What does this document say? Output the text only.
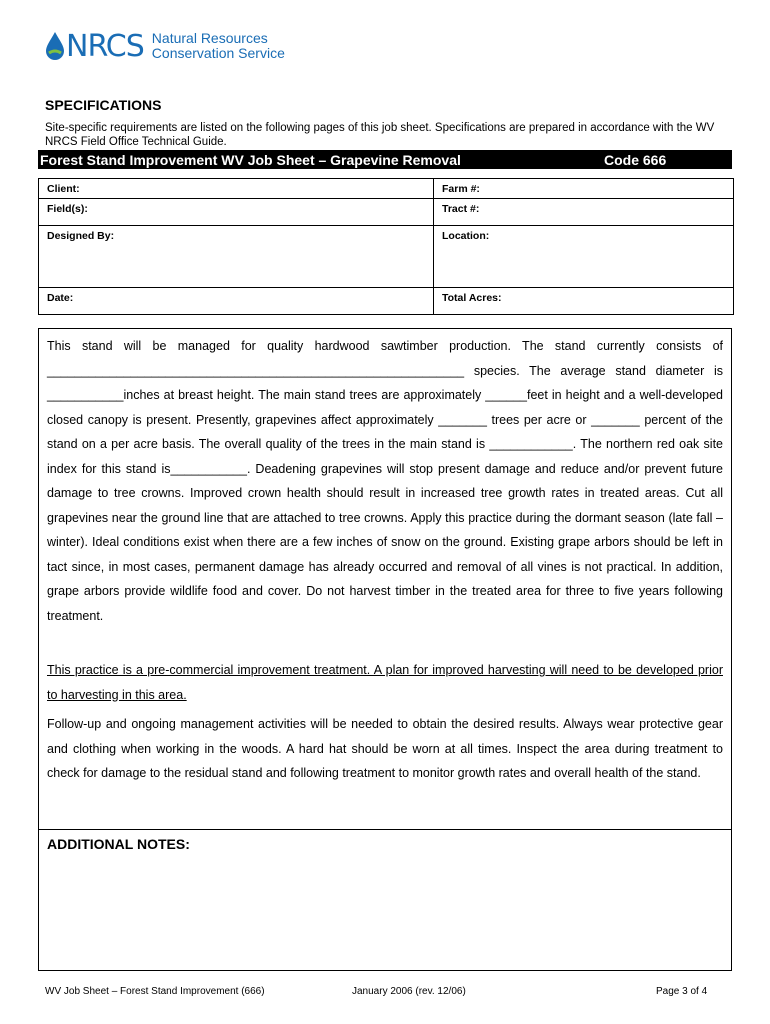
NRCS Natural Resources
Conservation Service
SPECIFICATIONS
Site-specific requirements are listed on the following pages of this job sheet. Specifications are prepared in accordance with the WV NRCS Field Office Technical Guide.
Forest Stand Improvement WV Job Sheet – Grapevine Removal	Code 666
Client:	Farm #:
Field(s):	Tract #:
Designed By:	Location:
Date:	Total Acres:
This stand will be managed for quality hardwood sawtimber production. The stand currently consists of ____________________________________________________________ species. The average stand diameter is ___________inches at breast height. The main stand trees are approximately ______feet in height and a well-developed closed canopy is present. Presently, grapevines affect approximately _______ trees per acre or _______ percent of the stand on a per acre basis. The overall quality of the trees in the main stand is ____________. The northern red oak site index for this stand is___________. Deadening grapevines will stop present damage and reduce and/or prevent future damage to tree crowns. Improved crown health should result in increased tree growth rates in treated areas. Cut all grapevines near the ground line that are attached to tree crowns. Apply this practice during the dormant season (late fall – winter). Ideal conditions exist when there are a few inches of snow on the ground. Existing grape arbors should be left in tact since, in most cases, permanent damage has already occurred and removal of all vines is not practical. In addition, grape arbors provide wildlife food and cover. Do not harvest timber in the treated area for three to five years following treatment.
This practice is a pre-commercial improvement treatment. A plan for improved harvesting will need to be developed prior to harvesting in this area.
Follow-up and ongoing management activities will be needed to obtain the desired results. Always wear protective gear and clothing when working in the woods. A hard hat should be worn at all times. Inspect the area during treatment to check for damage to the residual stand and following treatment to monitor growth rates and overall health of the stand.
ADDITIONAL NOTES:
WV Job Sheet – Forest Stand Improvement (666)	January 2006 (rev. 12/06)	Page 3 of 4
